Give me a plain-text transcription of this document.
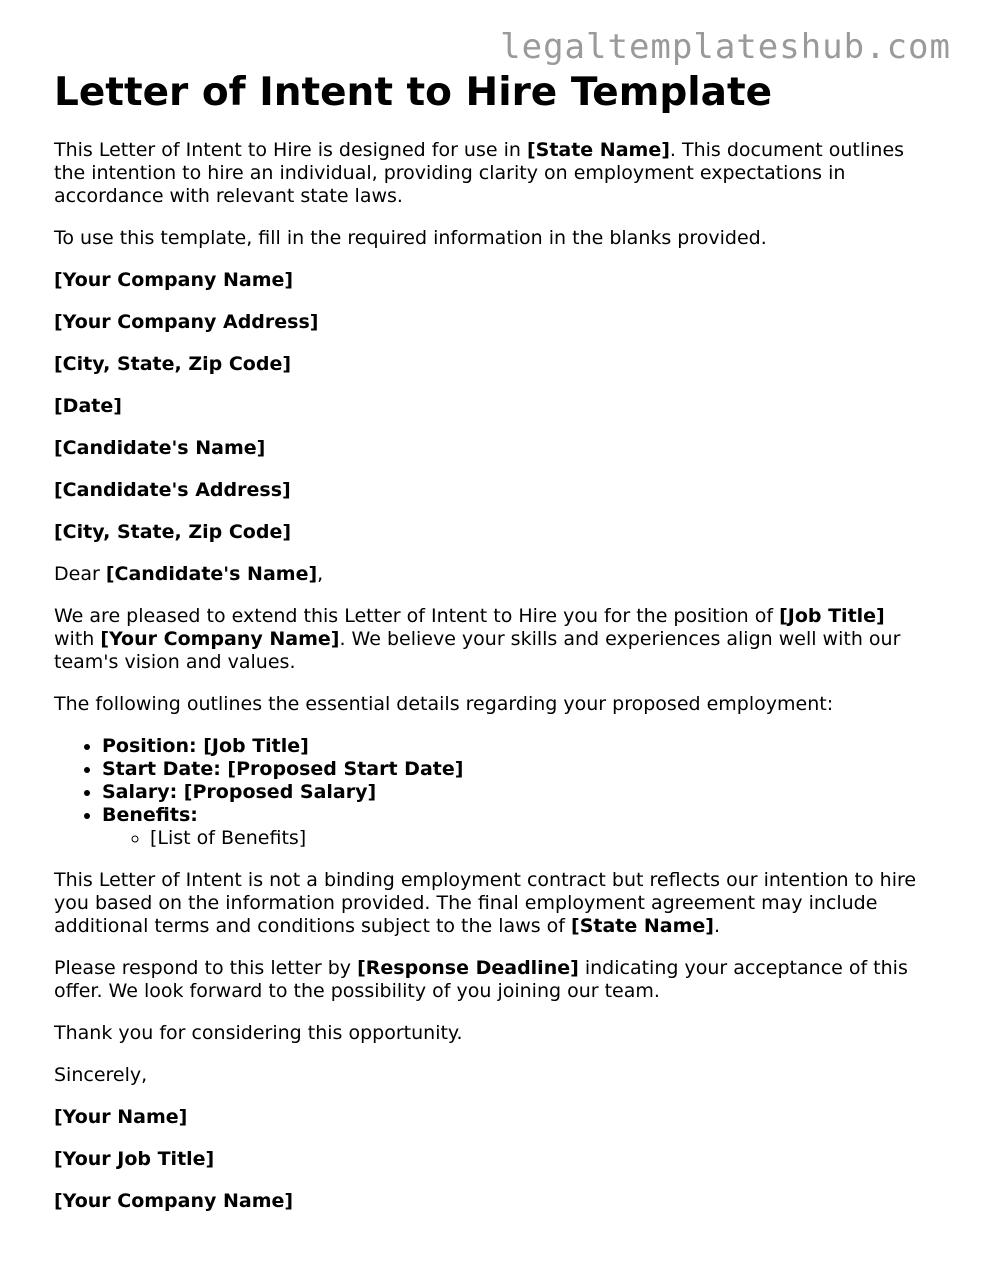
legaltemplateshub.com
Letter of Intent to Hire Template

This Letter of Intent to Hire is designed for use in [State Name]. This document outlines the intention to hire an individual, providing clarity on employment expectations in accordance with relevant state laws.

To use this template, fill in the required information in the blanks provided.

[Your Company Name]

[Your Company Address]

[City, State, Zip Code]

[Date]

[Candidate's Name]

[Candidate's Address]

[City, State, Zip Code]

Dear [Candidate's Name],

We are pleased to extend this Letter of Intent to Hire you for the position of [Job Title]
with [Your Company Name]. We believe your skills and experiences align well with our team's vision and values.

The following outlines the essential details regarding your proposed employment:

• Position: [Job Title]
• Start Date: [Proposed Start Date]
• Salary: [Proposed Salary]
• Benefits:
◦ [List of Benefits]

This Letter of Intent is not a binding employment contract but reflects our intention to hire you based on the information provided. The final employment agreement may include additional terms and conditions subject to the laws of [State Name].

Please respond to this letter by [Response Deadline] indicating your acceptance of this offer. We look forward to the possibility of you joining our team.

Thank you for considering this opportunity.

Sincerely,

[Your Name]

[Your Job Title]

[Your Company Name]
